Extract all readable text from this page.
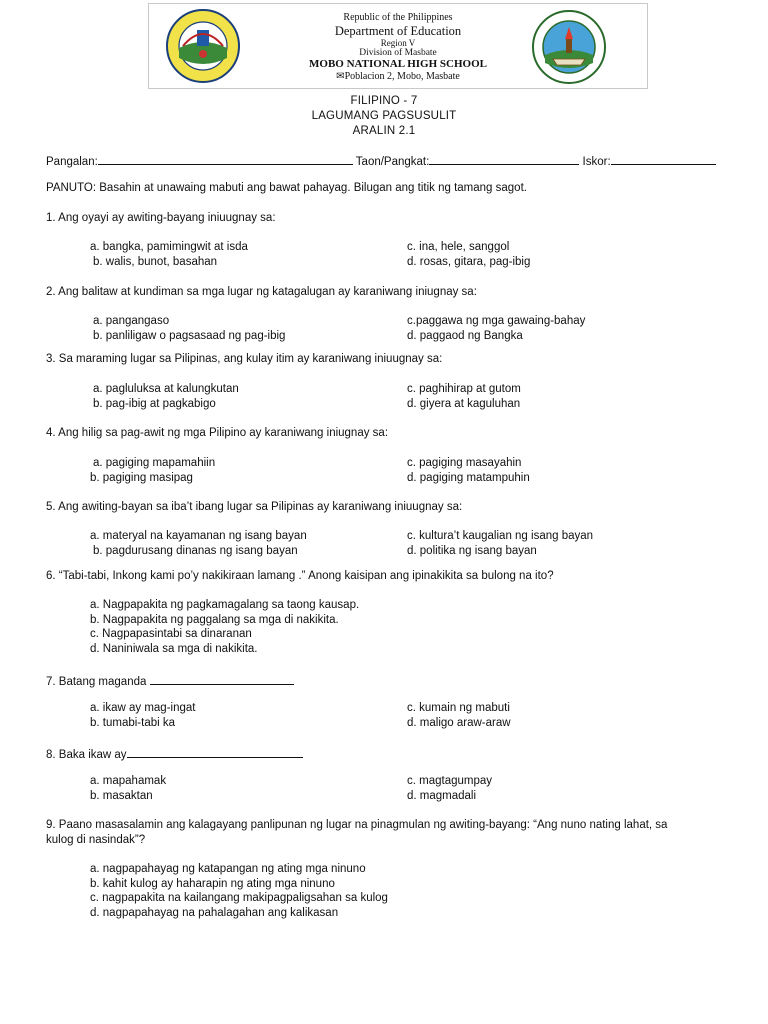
Republic of the Philippines
Department of Education
Region V
Division of Masbate
MOBO NATIONAL HIGH SCHOOL
✉Poblacion 2, Mobo, Masbate
FILIPINO - 7
LAGUMANG PAGSUSULIT
ARALIN 2.1
Pangalan:	Taon/Pangkat:	Iskor:
PANUTO: Basahin at unawaing mabuti ang bawat pahayag. Bilugan ang titik ng tamang sagot.
1. Ang oyayi ay awiting-bayang iniuugnay sa:
a. bangka, pamimingwit at isda
b. walis, bunot, basahan
c. ina, hele, sanggol
d. rosas, gitara, pag-ibig
2. Ang balitaw at kundiman sa mga lugar ng katagalugan ay karaniwang iniugnay sa:
a. pangangaso
b. panliligaw o pagsasaad ng pag-ibig
c.paggawa ng mga gawaing-bahay
d. paggaod ng Bangka
3. Sa maraming lugar sa Pilipinas, ang kulay itim ay karaniwang iniuugnay sa:
a. pagluluksa at kalungkutan
b. pag-ibig at pagkabigo
c. paghihirap at gutom
d. giyera at kaguluhan
4. Ang hilig sa pag-awit ng mga Pilipino ay karaniwang iniugnay sa:
a. pagiging mapamahiin
b. pagiging masipag
c. pagiging masayahin
d. pagiging matampuhin
5. Ang awiting-bayan sa iba’t ibang lugar sa Pilipinas ay karaniwang iniuugnay sa:
a. materyal na kayamanan ng isang bayan
b. pagdurusang dinanas ng isang bayan
c. kultura’t kaugalian ng isang bayan
d. politika ng isang bayan
6. “Tabi-tabi, Inkong kami po’y nakikiraan lamang .” Anong kaisipan ang ipinakikita sa bulong na ito?
a. Nagpapakita ng pagkamagalang sa taong kausap.
b. Nagpapakita ng paggalang sa mga di nakikita.
c. Nagpapasintabi sa dinaranan
d. Naniniwala sa mga di nakikita.
7. Batang maganda
a. ikaw ay mag-ingat
b. tumabi-tabi ka
c. kumain ng mabuti
d. maligo araw-araw
8. Baka ikaw ay
a. mapahamak
b. masaktan
c. magtagumpay
d. magmadali
9. Paano masasalamin ang kalagayang panlipunan ng lugar na pinagmulan ng awiting-bayang: “Ang nuno nating lahat, sa
kulog di nasindak”?
a. nagpapahayag ng katapangan ng ating mga ninuno
b. kahit kulog ay haharapin ng ating mga ninuno
c. nagpapakita na kailangang makipagpaligsahan sa kulog
d. nagpapahayag na pahalagahan ang kalikasan
